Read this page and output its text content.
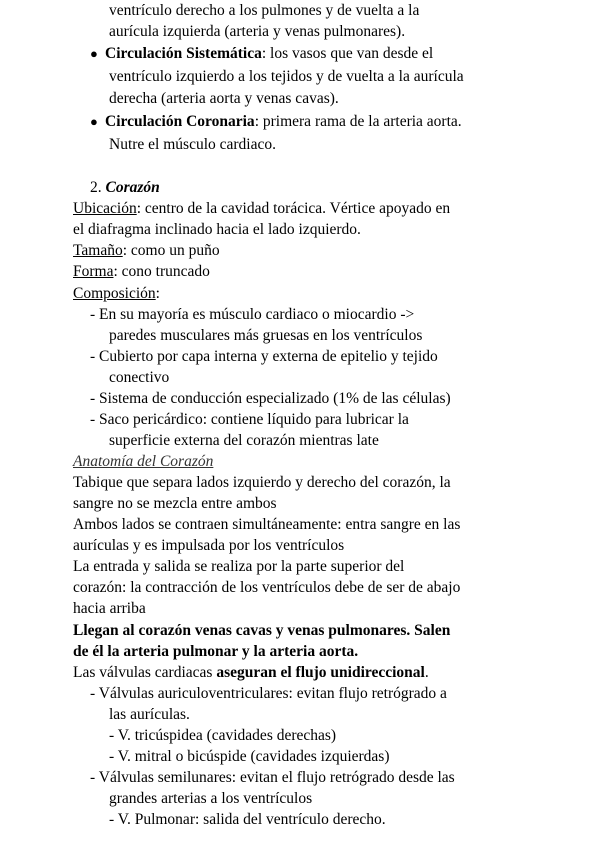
ventrículo derecho a los pulmones y de vuelta a la
aurícula izquierda (arteria y venas pulmonares).
● Circulación Sistemática: los vasos que van desde el
ventrículo izquierdo a los tejidos y de vuelta a la aurícula
derecha (arteria aorta y venas cavas).
● Circulación Coronaria: primera rama de la arteria aorta.
Nutre el músculo cardiaco.
2. Corazón
Ubicación: centro de la cavidad torácica. Vértice apoyado en
el diafragma inclinado hacia el lado izquierdo.
Tamaño: como un puño
Forma: cono truncado
Composición:
- En su mayoría es músculo cardiaco o miocardio ->
paredes musculares más gruesas en los ventrículos
- Cubierto por capa interna y externa de epitelio y tejido
conectivo
- Sistema de conducción especializado (1% de las células)
- Saco pericárdico: contiene líquido para lubricar la
superficie externa del corazón mientras late
Anatomía del Corazón
Tabique que separa lados izquierdo y derecho del corazón, la
sangre no se mezcla entre ambos
Ambos lados se contraen simultáneamente: entra sangre en las
aurículas y es impulsada por los ventrículos
La entrada y salida se realiza por la parte superior del
corazón: la contracción de los ventrículos debe de ser de abajo
hacia arriba
Llegan al corazón venas cavas y venas pulmonares. Salen
de él la arteria pulmonar y la arteria aorta.
Las válvulas cardiacas aseguran el flujo unidireccional.
- Válvulas auriculoventriculares: evitan flujo retrógrado a
las aurículas.
- V. tricúspidea (cavidades derechas)
- V. mitral o bicúspide (cavidades izquierdas)
- Válvulas semilunares: evitan el flujo retrógrado desde las
grandes arterias a los ventrículos
- V. Pulmonar: salida del ventrículo derecho.
